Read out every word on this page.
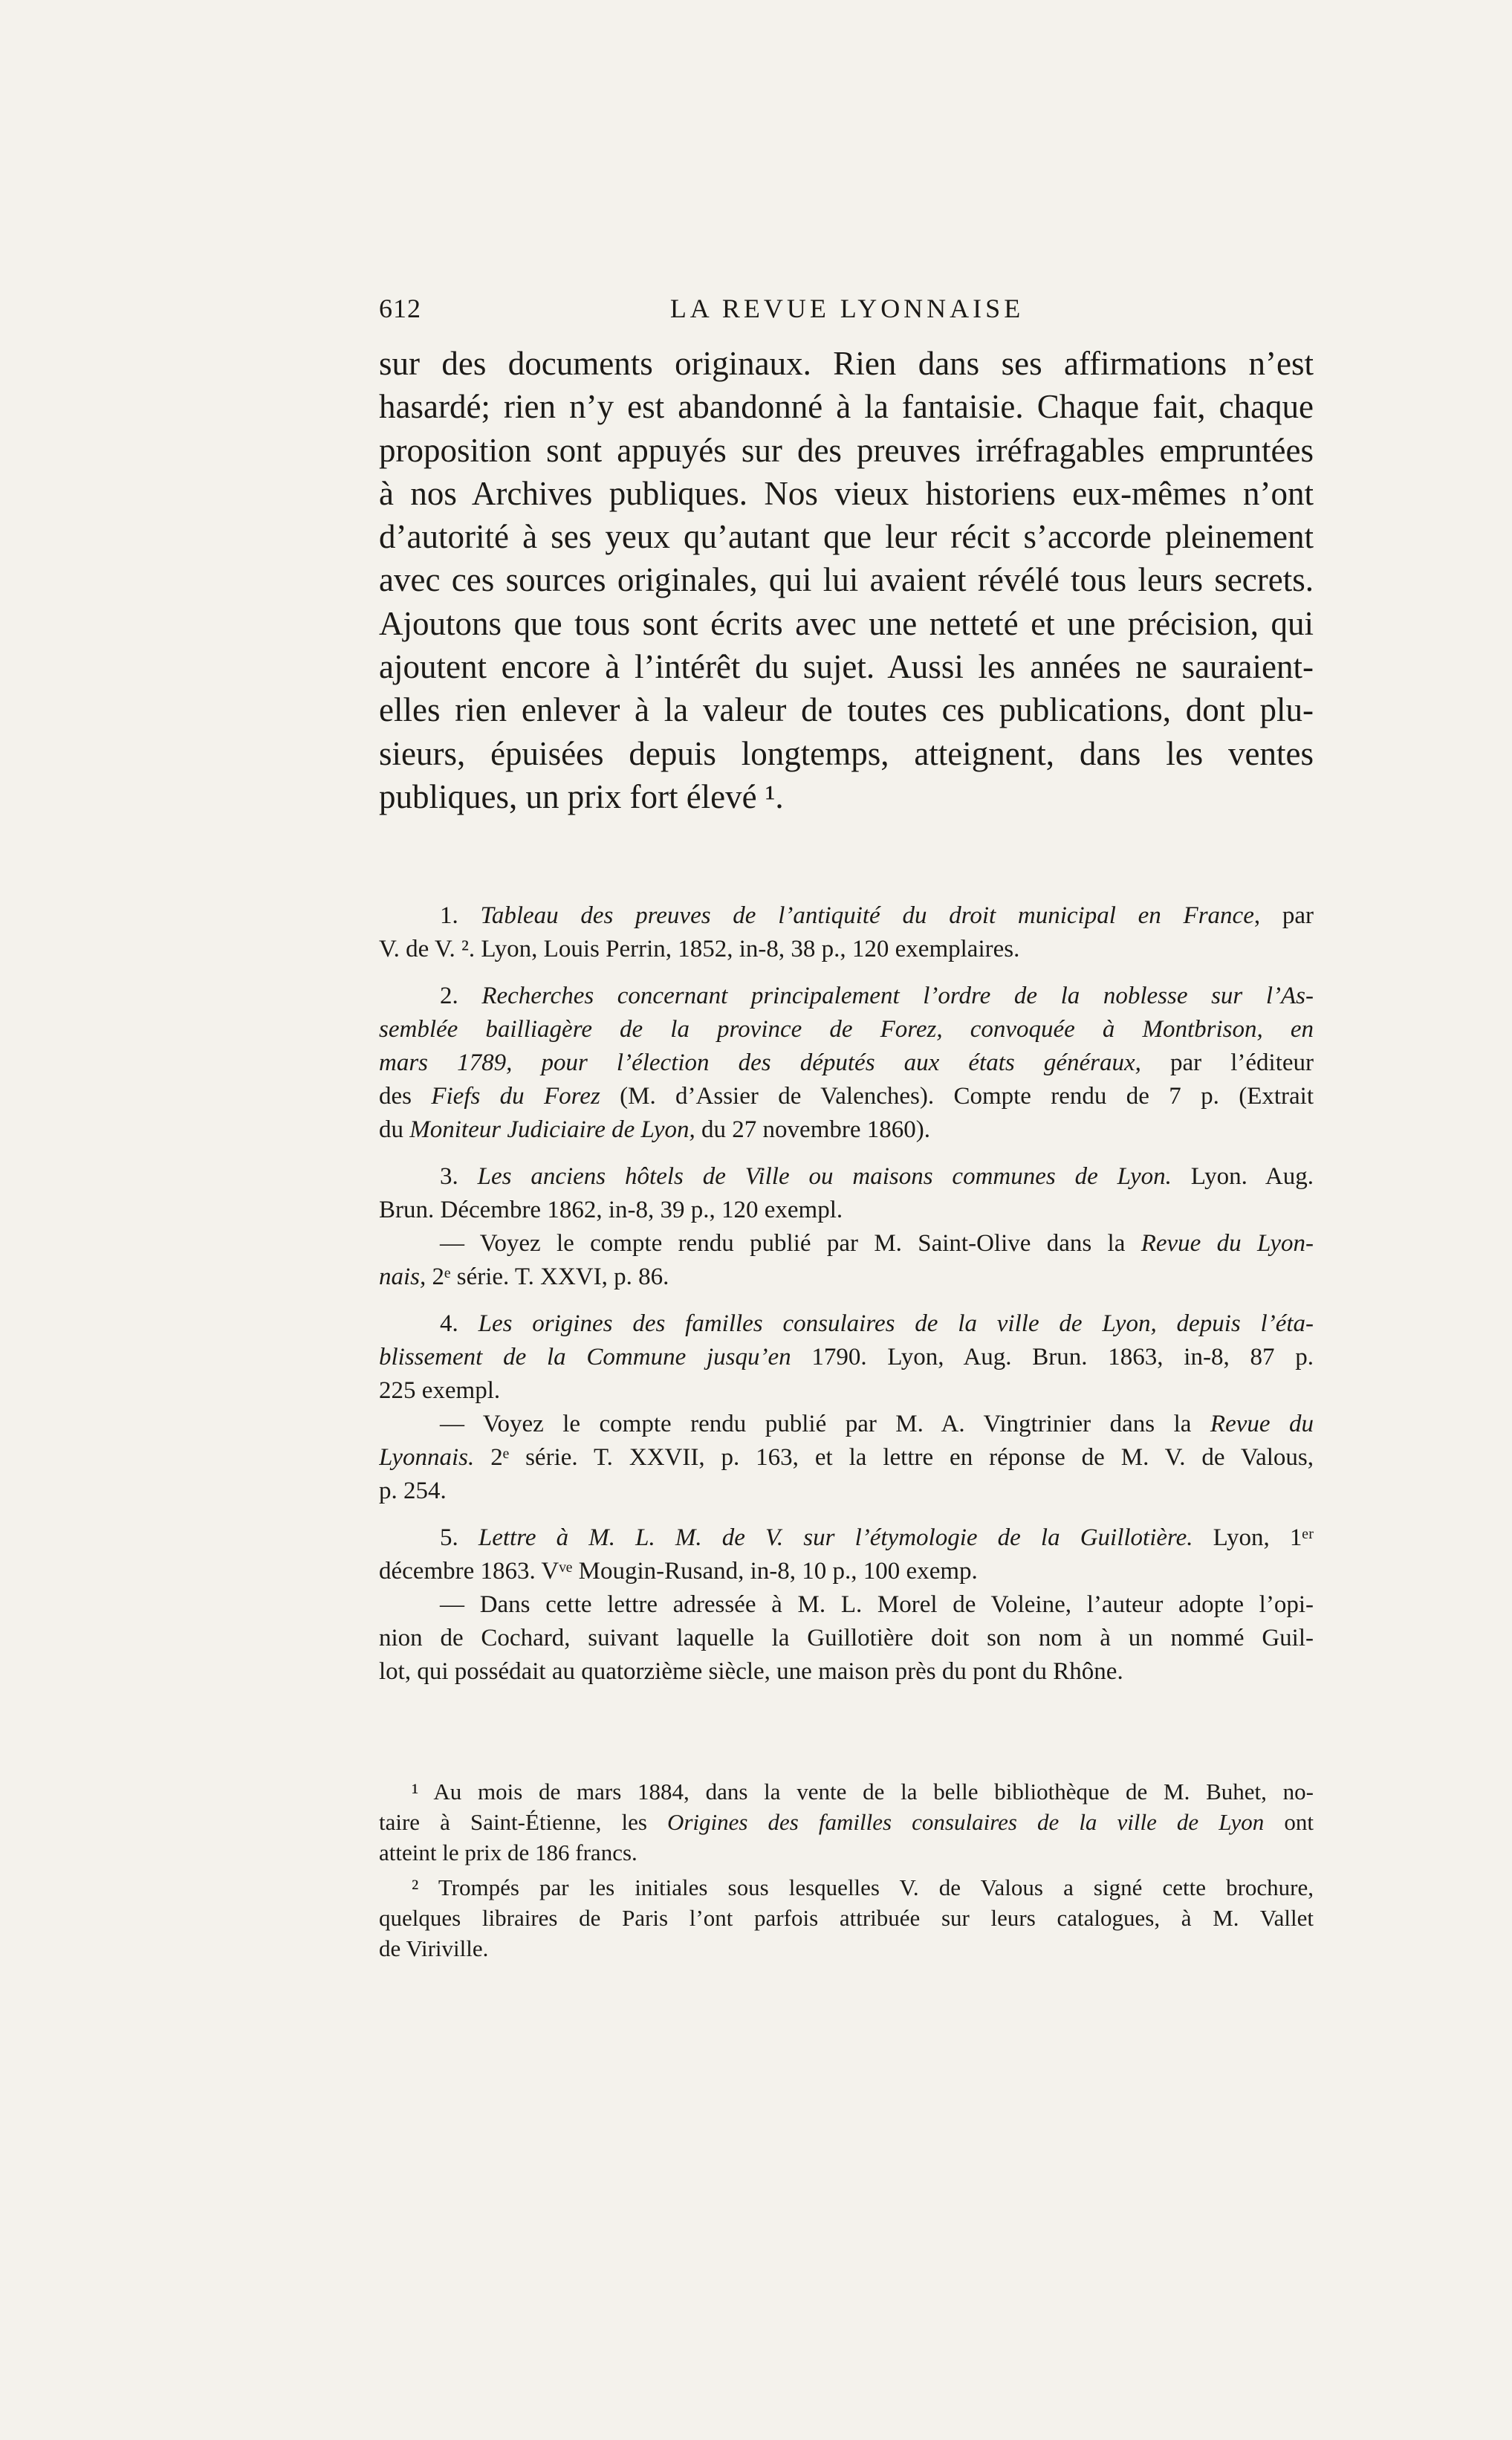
612	LA REVUE LYONNAISE
sur des documents originaux. Rien dans ses affirmations n’est
hasardé; rien n’y est abandonné à la fantaisie. Chaque fait, chaque
proposition sont appuyés sur des preuves irréfragables empruntées
à nos Archives publiques. Nos vieux historiens eux-mêmes n’ont
d’autorité à ses yeux qu’autant que leur récit s’accorde pleinement
avec ces sources originales, qui lui avaient révélé tous leurs secrets.
Ajoutons que tous sont écrits avec une netteté et une précision, qui
ajoutent encore à l’intérêt du sujet. Aussi les années ne sauraient-
elles rien enlever à la valeur de toutes ces publications, dont plu-
sieurs, épuisées depuis longtemps, atteignent, dans les ventes
publiques, un prix fort élevé ¹.
1. Tableau des preuves de l’antiquité du droit municipal en France, par
V. de V. ². Lyon, Louis Perrin, 1852, in-8, 38 p., 120 exemplaires.
2. Recherches concernant principalement l’ordre de la noblesse sur l’As-
semblée bailliagère de la province de Forez, convoquée à Montbrison, en
mars 1789, pour l’élection des députés aux états généraux, par l’éditeur
des Fiefs du Forez (M. d’Assier de Valenches). Compte rendu de 7 p. (Extrait
du Moniteur Judiciaire de Lyon, du 27 novembre 1860).
3. Les anciens hôtels de Ville ou maisons communes de Lyon. Lyon. Aug.
Brun. Décembre 1862, in-8, 39 p., 120 exempl.
— Voyez le compte rendu publié par M. Saint-Olive dans la Revue du Lyon-
nais, 2ᵉ série. T. XXVI, p. 86.
4. Les origines des familles consulaires de la ville de Lyon, depuis l’éta-
blissement de la Commune jusqu’en 1790. Lyon, Aug. Brun. 1863, in-8, 87 p.
225 exempl.
— Voyez le compte rendu publié par M. A. Vingtrinier dans la Revue du
Lyonnais. 2ᵉ série. T. XXVII, p. 163, et la lettre en réponse de M. V. de Valous,
p. 254.
5. Lettre à M. L. M. de V. sur l’étymologie de la Guillotière. Lyon, 1ᵉʳ
décembre 1863. Vᵛᵉ Mougin-Rusand, in-8, 10 p., 100 exemp.
— Dans cette lettre adressée à M. L. Morel de Voleine, l’auteur adopte l’opi-
nion de Cochard, suivant laquelle la Guillotière doit son nom à un nommé Guil-
lot, qui possédait au quatorzième siècle, une maison près du pont du Rhône.
¹ Au mois de mars 1884, dans la vente de la belle bibliothèque de M. Buhet, no-
taire à Saint-Étienne, les Origines des familles consulaires de la ville de Lyon ont
atteint le prix de 186 francs.
² Trompés par les initiales sous lesquelles V. de Valous a signé cette brochure,
quelques libraires de Paris l’ont parfois attribuée sur leurs catalogues, à M. Vallet
de Viriville.
